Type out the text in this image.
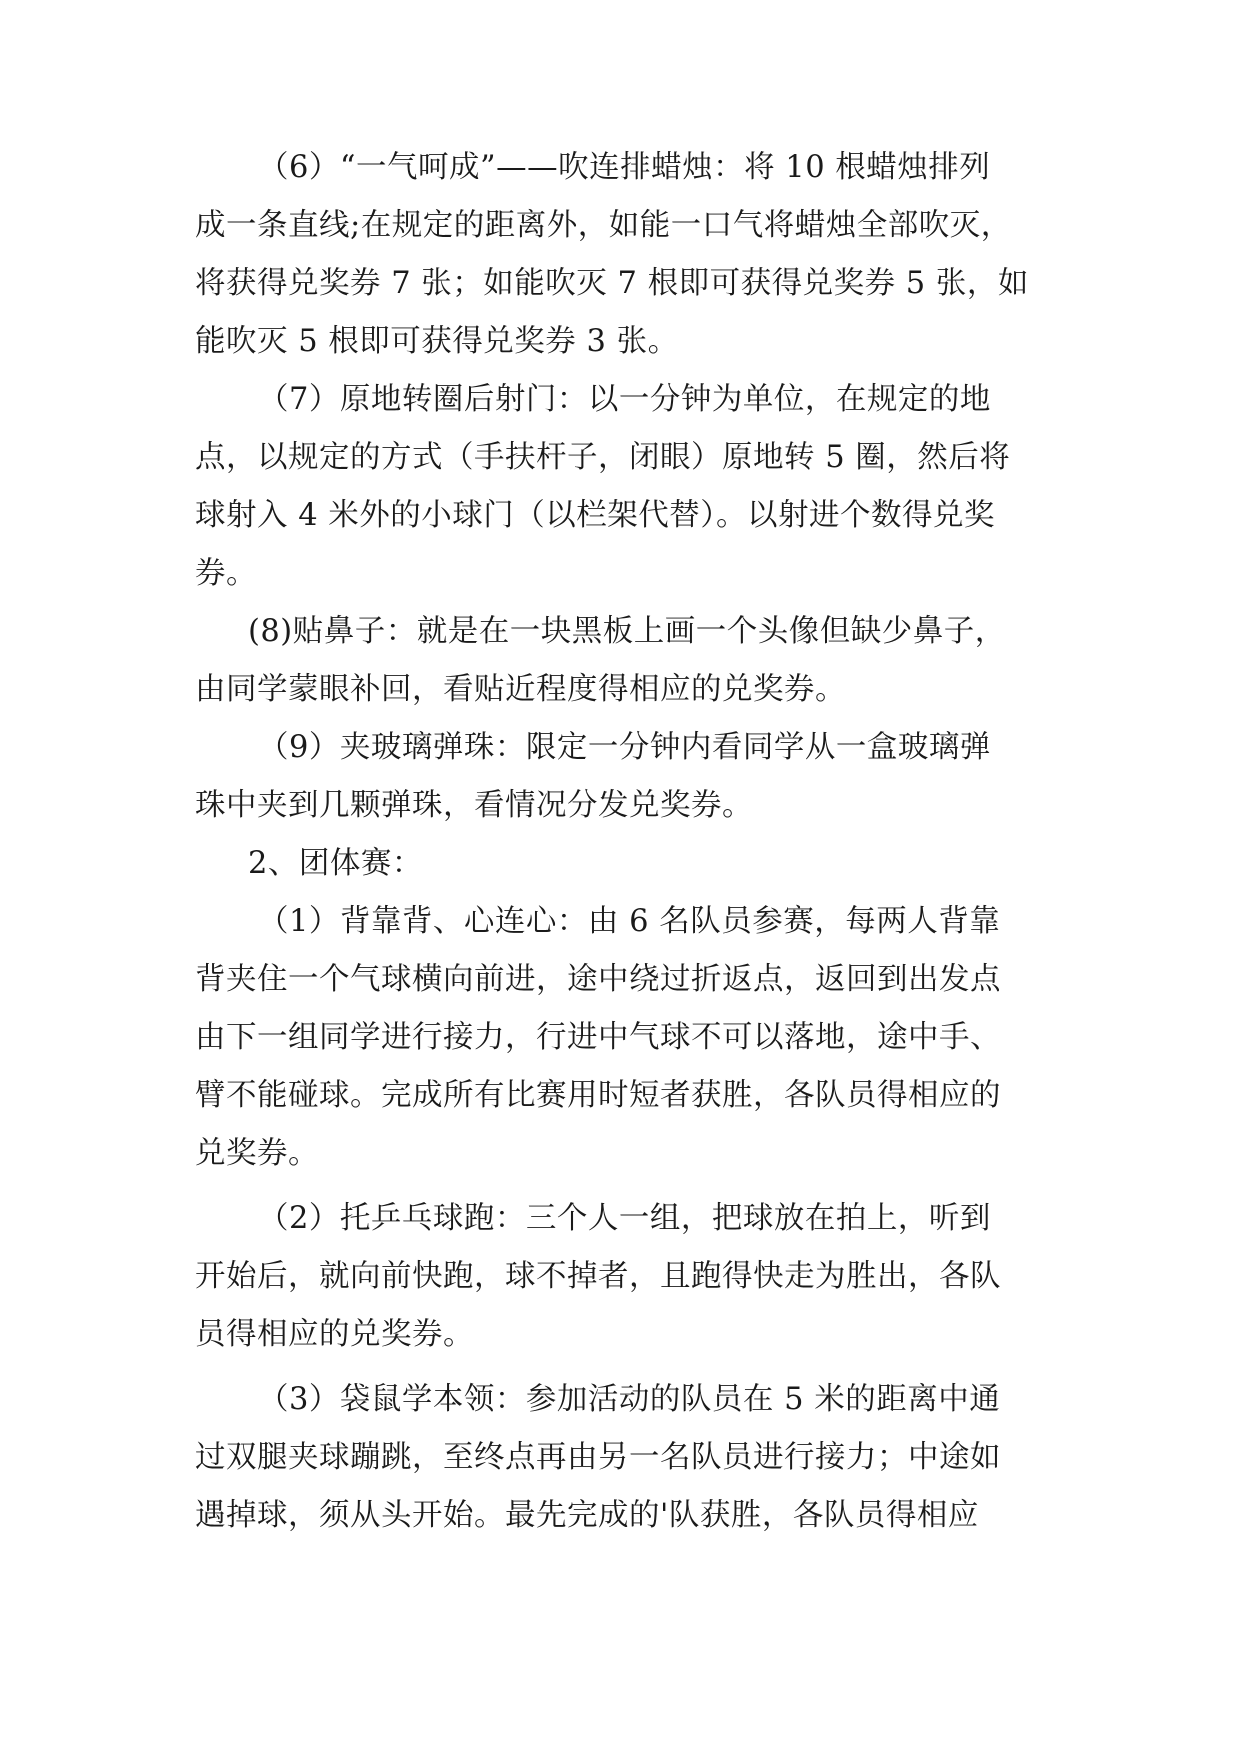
（6）“一气呵成”——吹连排蜡烛：将 10 根蜡烛排列
成一条直线;在规定的距离外，如能一口气将蜡烛全部吹灭，
将获得兑奖券 7 张；如能吹灭 7 根即可获得兑奖券 5 张，如
能吹灭 5 根即可获得兑奖券 3 张。
（7）原地转圈后射门：以一分钟为单位，在规定的地
点，以规定的方式（手扶杆子，闭眼）原地转 5 圈，然后将
球射入 4 米外的小球门（以栏架代替）。以射进个数得兑奖
券。
(8)贴鼻子：就是在一块黑板上画一个头像但缺少鼻子，
由同学蒙眼补回，看贴近程度得相应的兑奖券。
（9）夹玻璃弹珠：限定一分钟内看同学从一盒玻璃弹
珠中夹到几颗弹珠，看情况分发兑奖券。
2、团体赛：
（1）背靠背、心连心：由 6 名队员参赛，每两人背靠
背夹住一个气球横向前进，途中绕过折返点，返回到出发点
由下一组同学进行接力，行进中气球不可以落地，途中手、
臂不能碰球。完成所有比赛用时短者获胜，各队员得相应的
兑奖券。
（2）托乒乓球跑：三个人一组，把球放在拍上，听到
开始后，就向前快跑，球不掉者，且跑得快走为胜出，各队
员得相应的兑奖券。
（3）袋鼠学本领：参加活动的队员在 5 米的距离中通
过双腿夹球蹦跳，至终点再由另一名队员进行接力；中途如
遇掉球，须从头开始。最先完成的'队获胜，各队员得相应
